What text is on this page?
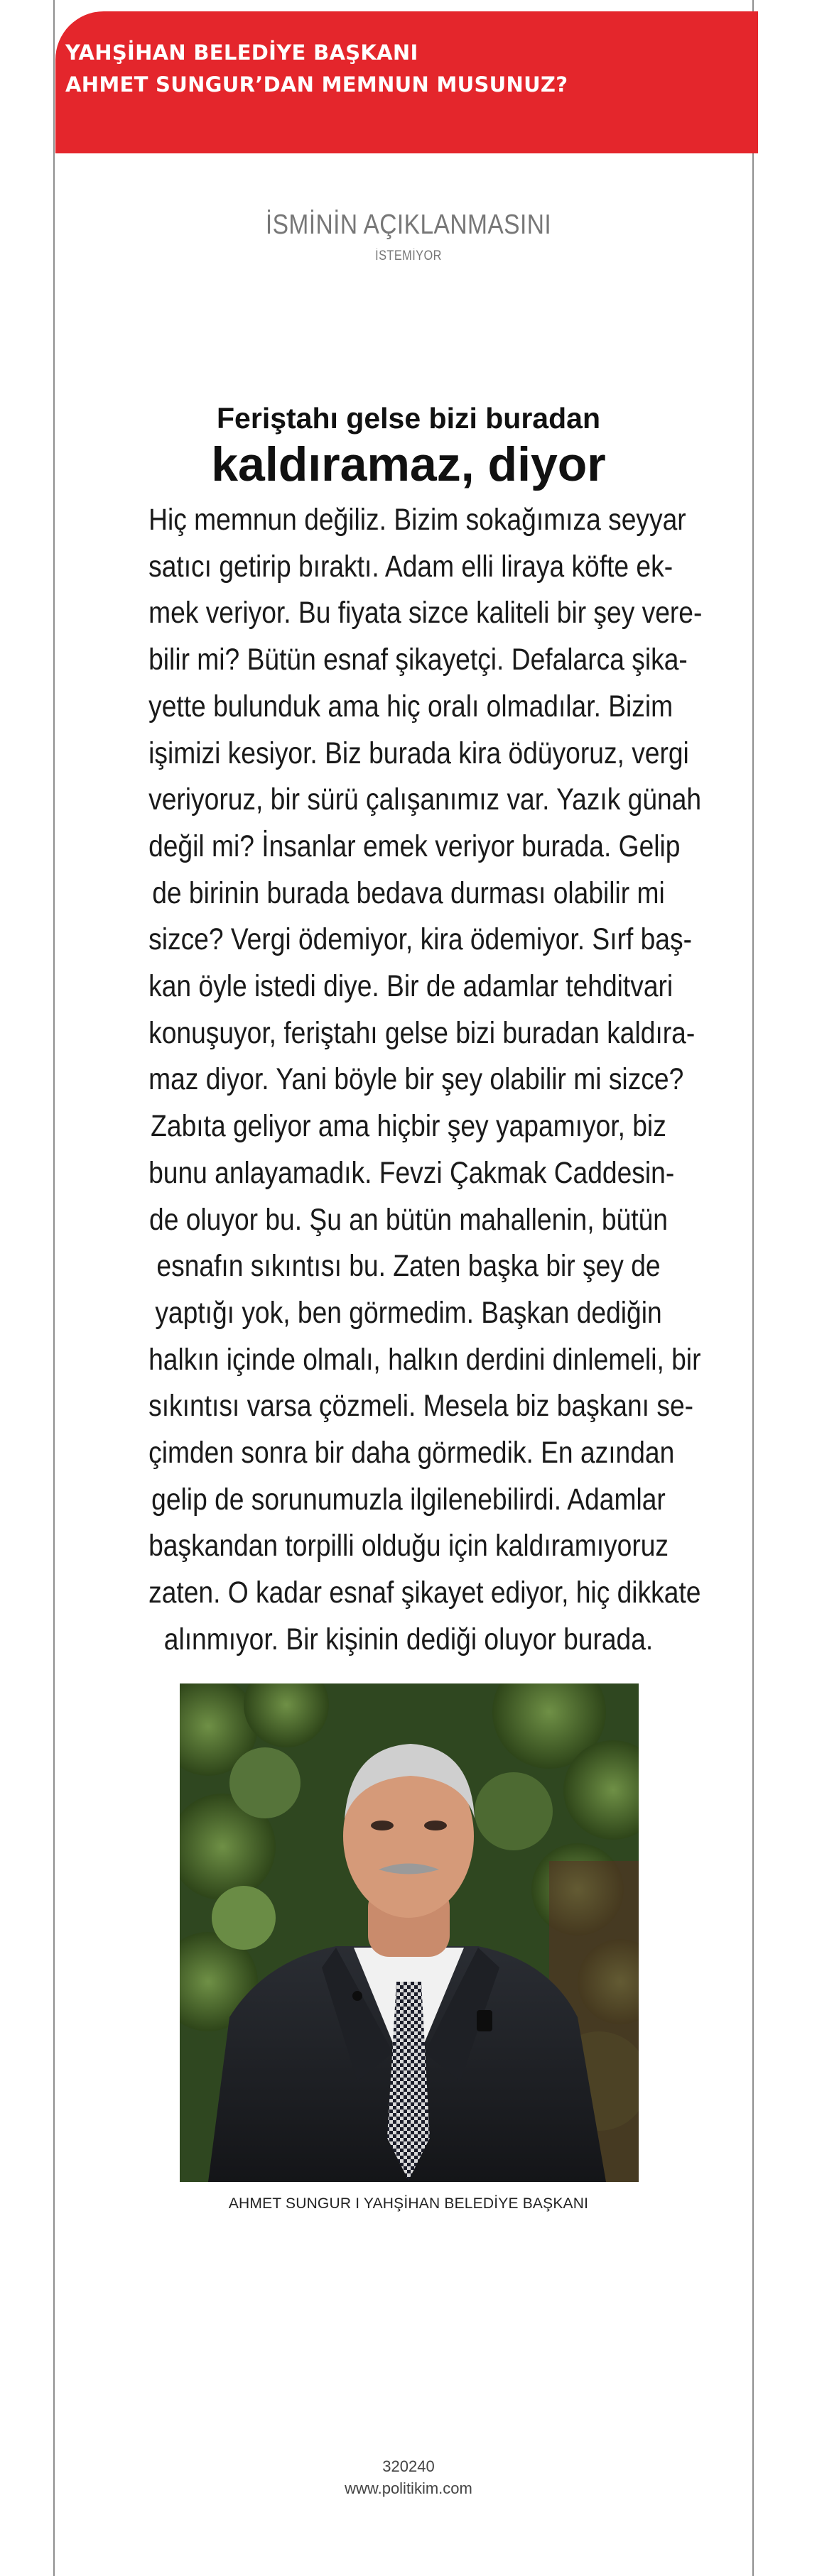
YAHŞİHAN BELEDİYE BAŞKANI
AHMET SUNGUR’DAN MEMNUN MUSUNUZ?
İSMİNİN AÇIKLANMASINI
İSTEMİYOR
Feriştahı gelse bizi buradan
kaldıramaz, diyor
Hiç memnun değiliz. Bizim sokağımıza seyyar
satıcı getirip bıraktı. Adam elli liraya köfte ek-
mek veriyor. Bu fiyata sizce kaliteli bir şey vere-
bilir mi? Bütün esnaf şikayetçi. Defalarca şika-
yette bulunduk ama hiç oralı olmadılar. Bizim
işimizi kesiyor. Biz burada kira ödüyoruz, vergi
veriyoruz, bir sürü çalışanımız var. Yazık günah
değil mi? İnsanlar emek veriyor burada. Gelip
de birinin burada bedava durması olabilir mi
sizce? Vergi ödemiyor, kira ödemiyor. Sırf baş-
kan öyle istedi diye. Bir de adamlar tehditvari
konuşuyor, feriştahı gelse bizi buradan kaldıra-
maz diyor. Yani böyle bir şey olabilir mi sizce?
Zabıta geliyor ama hiçbir şey yapamıyor, biz
bunu anlayamadık. Fevzi Çakmak Caddesin-
de oluyor bu. Şu an bütün mahallenin, bütün
esnafın sıkıntısı bu. Zaten başka bir şey de
yaptığı yok, ben görmedim. Başkan dediğin
halkın içinde olmalı, halkın derdini dinlemeli, bir
sıkıntısı varsa çözmeli. Mesela biz başkanı se-
çimden sonra bir daha görmedik. En azından
gelip de sorunumuzla ilgilenebilirdi. Adamlar
başkandan torpilli olduğu için kaldıramıyoruz
zaten. O kadar esnaf şikayet ediyor, hiç dikkate
alınmıyor. Bir kişinin dediği oluyor burada.
AHMET SUNGUR I YAHŞİHAN BELEDİYE BAŞKANI
320240
www.politikim.com
